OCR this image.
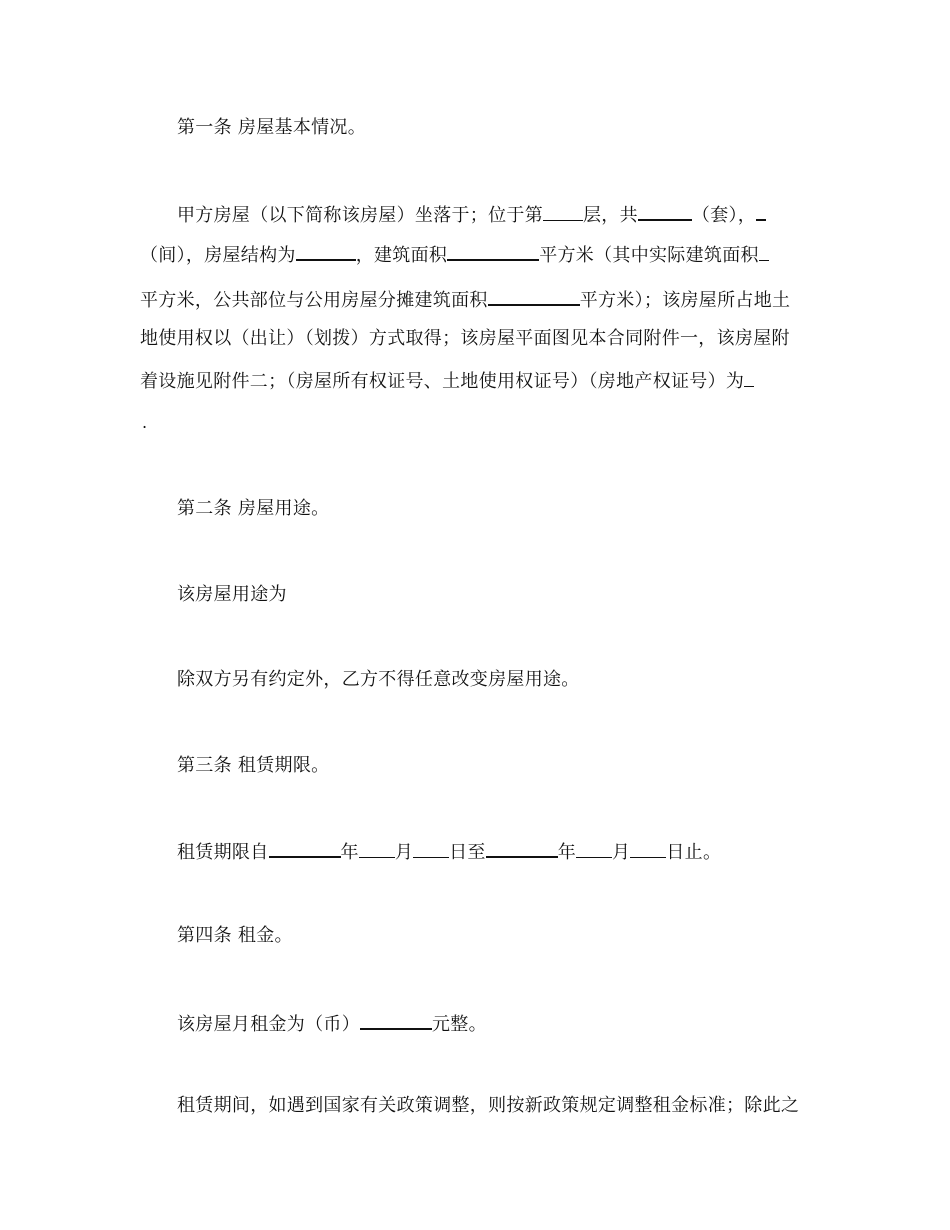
第一条 房屋基本情况。
甲方房屋（以下简称该房屋）坐落于；位于第 层，共	（套），
（间），房屋结构为	，建筑面积	平方米（其中实际建筑面积
平方米，公共部位与公用房屋分摊建筑面积	平方米）；该房屋所占地土
地使用权以（出让）（划拨）方式取得；该房屋平面图见本合同附件一，该房屋附
着设施见附件二；（房屋所有权证号、土地使用权证号）（房地产权证号）为
.
第二条 房屋用途。
该房屋用途为
除双方另有约定外，乙方不得任意改变房屋用途。
第三条 租赁期限。
租赁期限自	年 月 日至	年 月 日止。
第四条 租金。
该房屋月租金为（币）	元整。
租赁期间，如遇到国家有关政策调整，则按新政策规定调整租金标准；除此之
